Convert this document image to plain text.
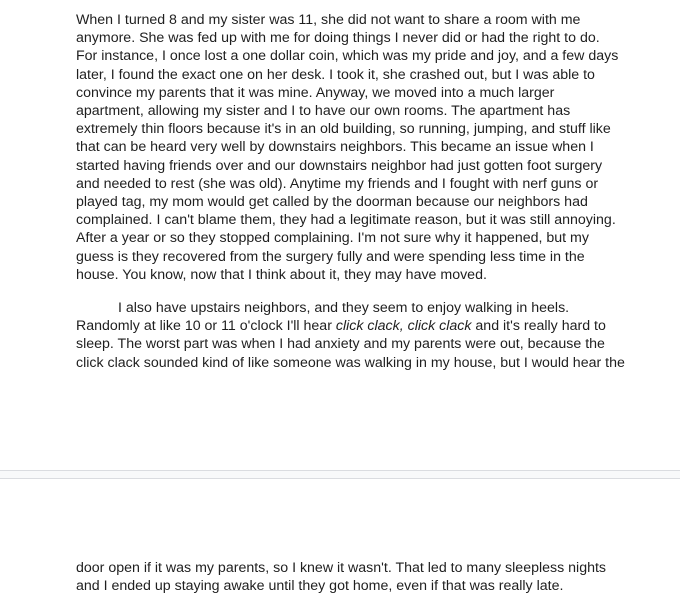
When I turned 8 and my sister was 11, she did not want to share a room with me
anymore. She was fed up with me for doing things I never did or had the right to do.
For instance, I once lost a one dollar coin, which was my pride and joy, and a few days
later, I found the exact one on her desk. I took it, she crashed out, but I was able to
convince my parents that it was mine. Anyway, we moved into a much larger
apartment, allowing my sister and I to have our own rooms. The apartment has
extremely thin floors because it's in an old building, so running, jumping, and stuff like
that can be heard very well by downstairs neighbors. This became an issue when I
started having friends over and our downstairs neighbor had just gotten foot surgery
and needed to rest (she was old). Anytime my friends and I fought with nerf guns or
played tag, my mom would get called by the doorman because our neighbors had
complained. I can't blame them, they had a legitimate reason, but it was still annoying.
After a year or so they stopped complaining. I'm not sure why it happened, but my
guess is they recovered from the surgery fully and were spending less time in the
house. You know, now that I think about it, they may have moved.

I also have upstairs neighbors, and they seem to enjoy walking in heels.
Randomly at like 10 or 11 o'clock I'll hear click clack, click clack and it's really hard to
sleep. The worst part was when I had anxiety and my parents were out, because the
click clack sounded kind of like someone was walking in my house, but I would hear the

door open if it was my parents, so I knew it wasn't. That led to many sleepless nights
and I ended up staying awake until they got home, even if that was really late.
